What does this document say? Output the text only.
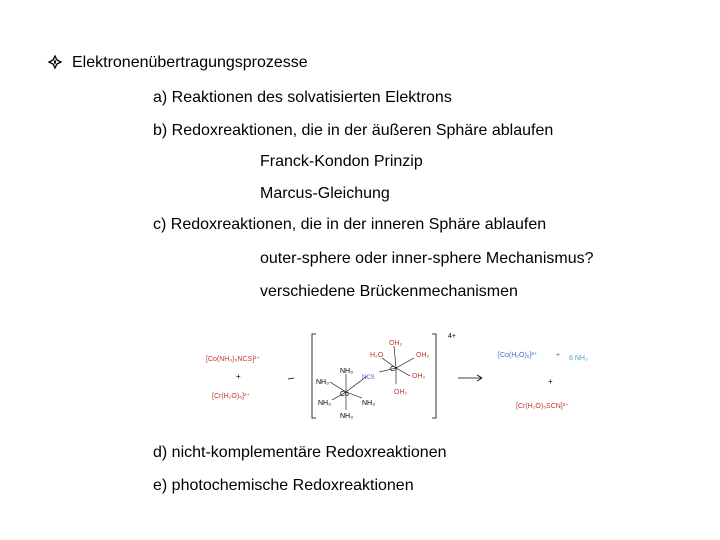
Elektronenübertragungsprozesse
a) Reaktionen des solvatisierten Elektrons
b) Redoxreaktionen, die in der äußeren Sphäre ablaufen
Franck-Kondon Prinzip
Marcus-Gleichung
c) Redoxreaktionen, die in der inneren Sphäre ablaufen
outer-sphere oder inner-sphere Mechanismus?
verschiedene Brückenmechanismen
[Co(NH₃)₅NCS]²⁺
+
[Cr(H₂O)₆]²⁺
4+
H₂O
OH₂
OH₂
NH₃
NH₃
NCS
Cr
OH₂
NH₃
Co
NH₃
OH₂
NH₃
[Co(H₂O)₆]²⁺	+ 6 NH₃
+
[Cr(H₂O)₅SCN]²⁺
d) nicht-komplementäre Redoxreaktionen
e) photochemische Redoxreaktionen
